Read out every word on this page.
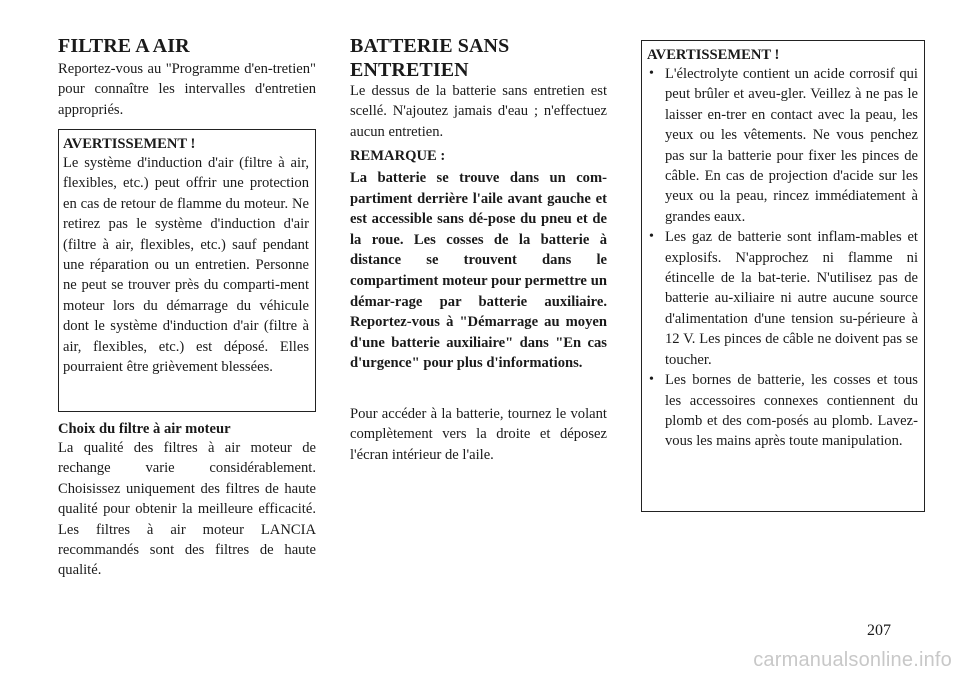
FILTRE A AIR

Reportez-vous au "Programme d'en-tretien" pour connaître les intervalles d'entretien appropriés.

AVERTISSEMENT !

Le système d'induction d'air (filtre à air, flexibles, etc.) peut offrir une protection en cas de retour de flamme du moteur. Ne retirez pas le système d'induction d'air (filtre à air, flexibles, etc.) sauf pendant une réparation ou un entretien. Personne ne peut se trouver près du comparti-ment moteur lors du démarrage du véhicule dont le système d'induction d'air (filtre à air, flexibles, etc.) est déposé. Elles pourraient être grièvement blessées.

Choix du filtre à air moteur

La qualité des filtres à air moteur de rechange varie considérablement. Choisissez uniquement des filtres de haute qualité pour obtenir la meilleure efficacité. Les filtres à air moteur LANCIA recommandés sont des filtres de haute qualité.

BATTERIE SANS ENTRETIEN

Le dessus de la batterie sans entretien est scellé. N'ajoutez jamais d'eau ; n'effectuez aucun entretien.

REMARQUE :

La batterie se trouve dans un com-partiment derrière l'aile avant gauche et est accessible sans dé-pose du pneu et de la roue. Les cosses de la batterie à distance se trouvent dans le compartiment moteur pour permettre un démar-rage par batterie auxiliaire. Reportez-vous à "Démarrage au moyen d'une batterie auxiliaire" dans "En cas d'urgence" pour plus d'informations.

Pour accéder à la batterie, tournez le volant complètement vers la droite et déposez l'écran intérieur de l'aile.

AVERTISSEMENT !
• L'électrolyte contient un acide corrosif qui peut brûler et aveu-gler. Veillez à ne pas le laisser en-trer en contact avec la peau, les yeux ou les vêtements. Ne vous penchez pas sur la batterie pour fixer les pinces de câble. En cas de projection d'acide sur les yeux ou la peau, rincez immédiatement à grandes eaux.
• Les gaz de batterie sont inflam-mables et explosifs. N'approchez ni flamme ni étincelle de la bat-terie. N'utilisez pas de batterie au-xiliaire ni autre aucune source d'alimentation d'une tension su-périeure à 12 V. Les pinces de câble ne doivent pas se toucher.
• Les bornes de batterie, les cosses et tous les accessoires connexes contiennent du plomb et des com-posés au plomb. Lavez-vous les mains après toute manipulation.
207
carmanualsonline.info
